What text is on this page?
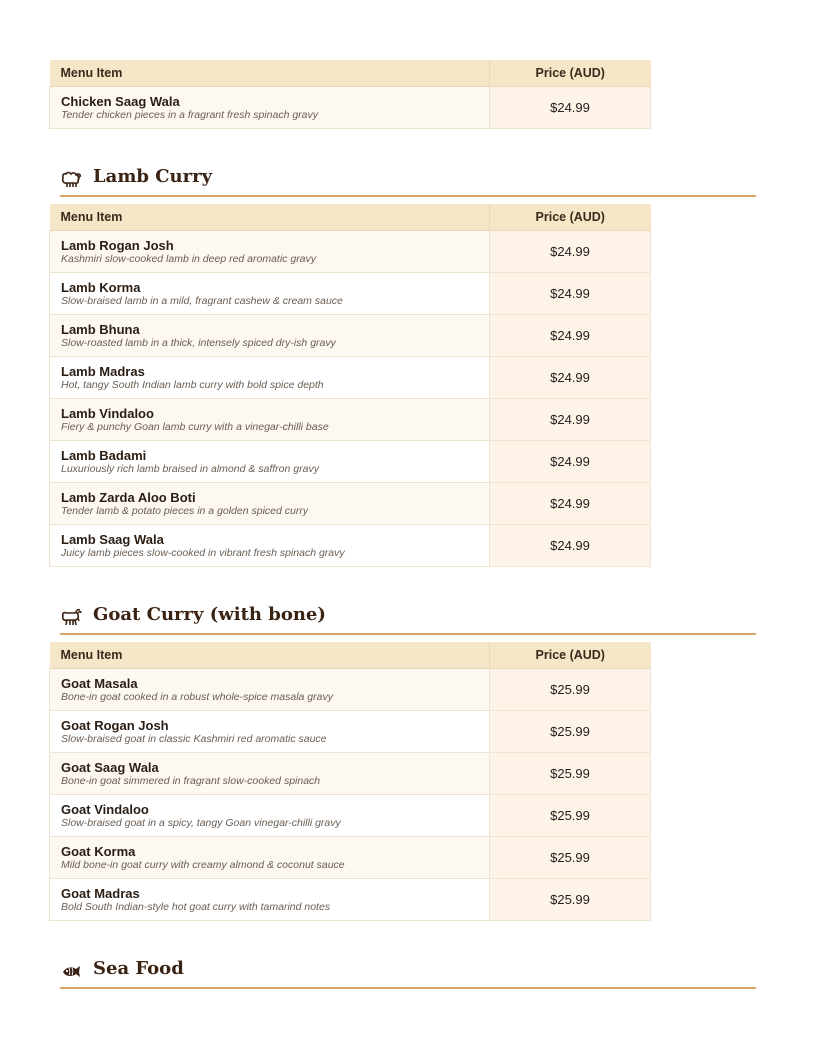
Menu Item	Price (AUD)

Chicken Saag Wala
Tender chicken pieces in a fragrant fresh spinach gravy	$24.99
Lamb Curry
Menu Item	Price (AUD)

Lamb Rogan Josh
Kashmiri slow-cooked lamb in deep red aromatic gravy	$24.99

Lamb Korma
Slow-braised lamb in a mild, fragrant cashew & cream sauce	$24.99

Lamb Bhuna
Slow-roasted lamb in a thick, intensely spiced dry-ish gravy	$24.99

Lamb Madras
Hot, tangy South Indian lamb curry with bold spice depth	$24.99

Lamb Vindaloo
Fiery & punchy Goan lamb curry with a vinegar-chilli base	$24.99

Lamb Badami
Luxuriously rich lamb braised in almond & saffron gravy	$24.99

Lamb Zarda Aloo Boti
Tender lamb & potato pieces in a golden spiced curry	$24.99

Lamb Saag Wala
Juicy lamb pieces slow-cooked in vibrant fresh spinach gravy	$24.99
Goat Curry (with bone)
Menu Item	Price (AUD)

Goat Masala
Bone-in goat cooked in a robust whole-spice masala gravy	$25.99

Goat Rogan Josh
Slow-braised goat in classic Kashmiri red aromatic sauce	$25.99

Goat Saag Wala
Bone-in goat simmered in fragrant slow-cooked spinach	$25.99

Goat Vindaloo
Slow-braised goat in a spicy, tangy Goan vinegar-chilli gravy	$25.99

Goat Korma
Mild bone-in goat curry with creamy almond & coconut sauce	$25.99

Goat Madras
Bold South Indian-style hot goat curry with tamarind notes	$25.99
Sea Food
